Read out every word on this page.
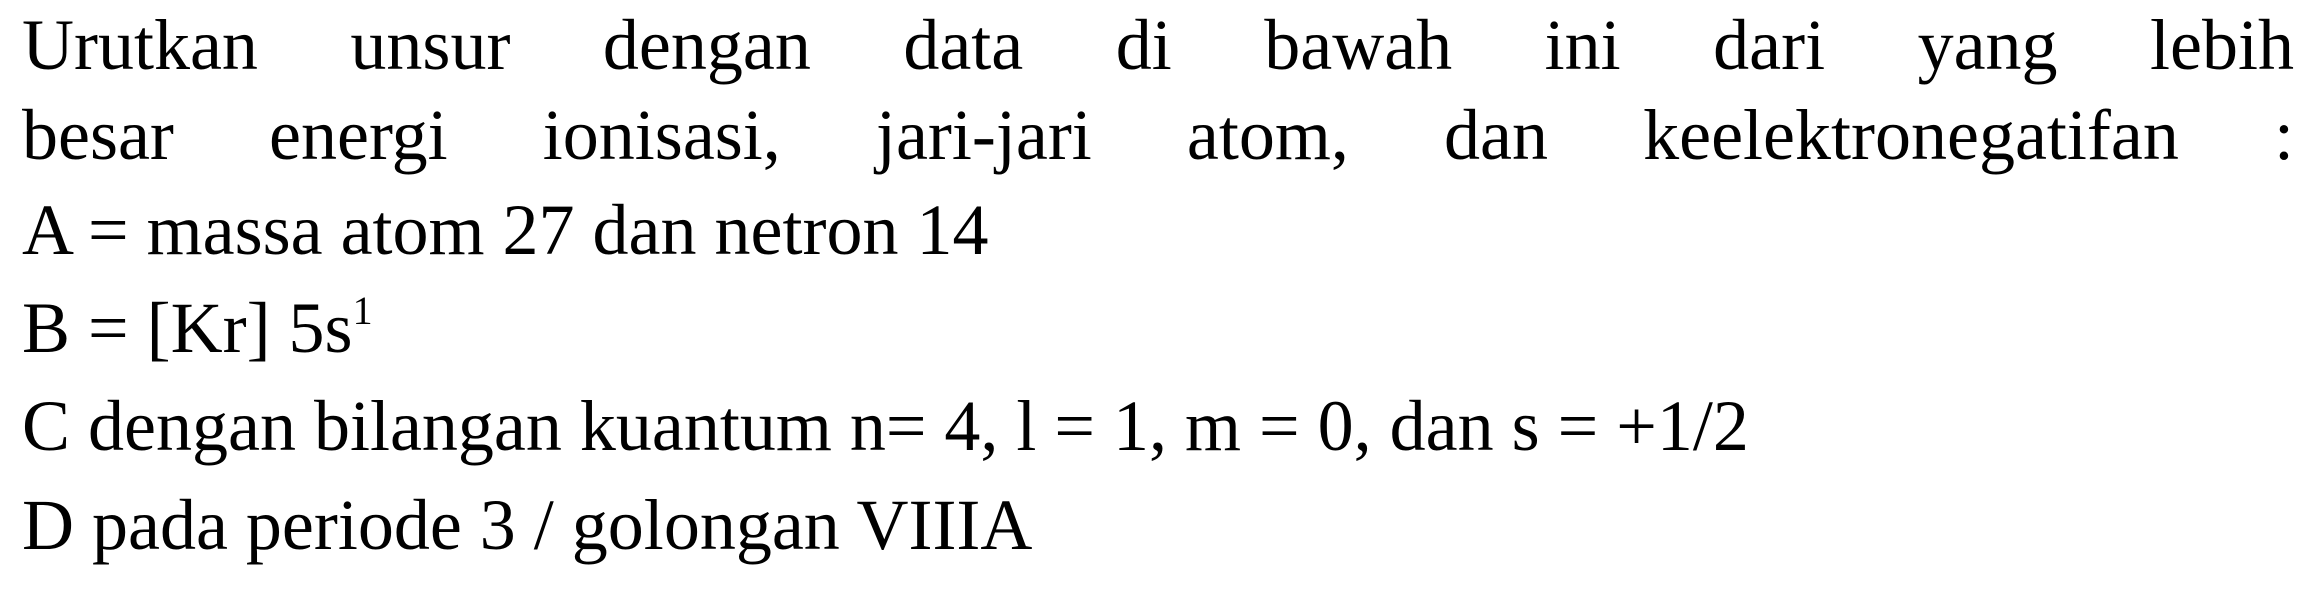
Urutkan unsur dengan data di bawah ini dari yang lebih
besar energi ionisasi, jari-jari atom, dan keelektronegatifan :
A = massa atom 27 dan netron 14
B = [Kr] $5s^1$
C dengan bilangan kuantum n= 4, l = 1, m = 0, dan s = +1/2
D pada periode 3 / golongan VIIIA
